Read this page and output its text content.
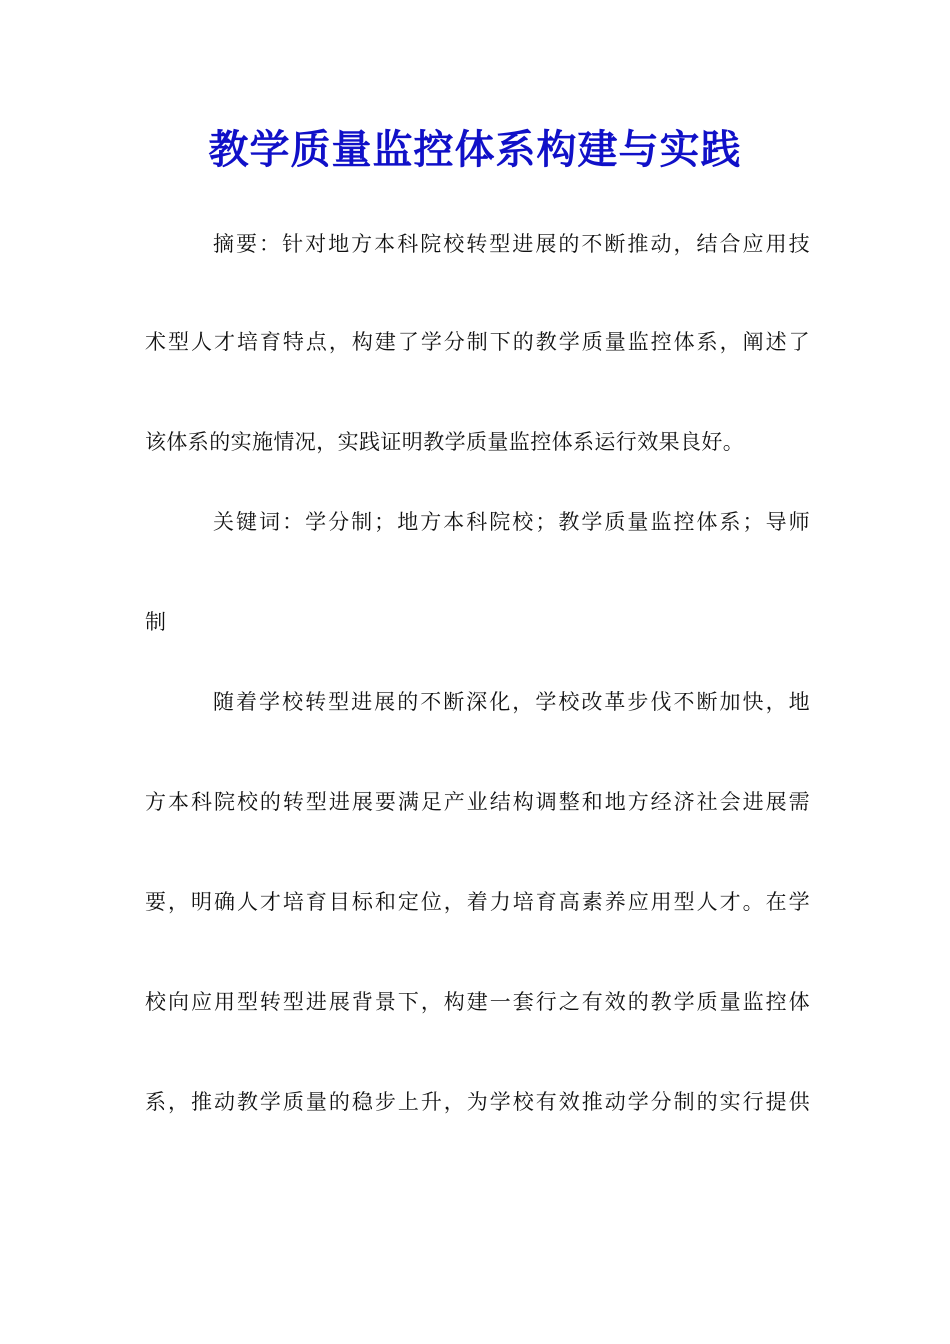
教学质量监控体系构建与实践
摘要：针对地方本科院校转型进展的不断推动，结合应用技
术型人才培育特点，构建了学分制下的教学质量监控体系，阐述了
该体系的实施情况，实践证明教学质量监控体系运行效果良好。
关键词：学分制；地方本科院校；教学质量监控体系；导师
制
随着学校转型进展的不断深化，学校改革步伐不断加快，地
方本科院校的转型进展要满足产业结构调整和地方经济社会进展需
要，明确人才培育目标和定位，着力培育高素养应用型人才。在学
校向应用型转型进展背景下，构建一套行之有效的教学质量监控体
系，推动教学质量的稳步上升，为学校有效推动学分制的实行提供
